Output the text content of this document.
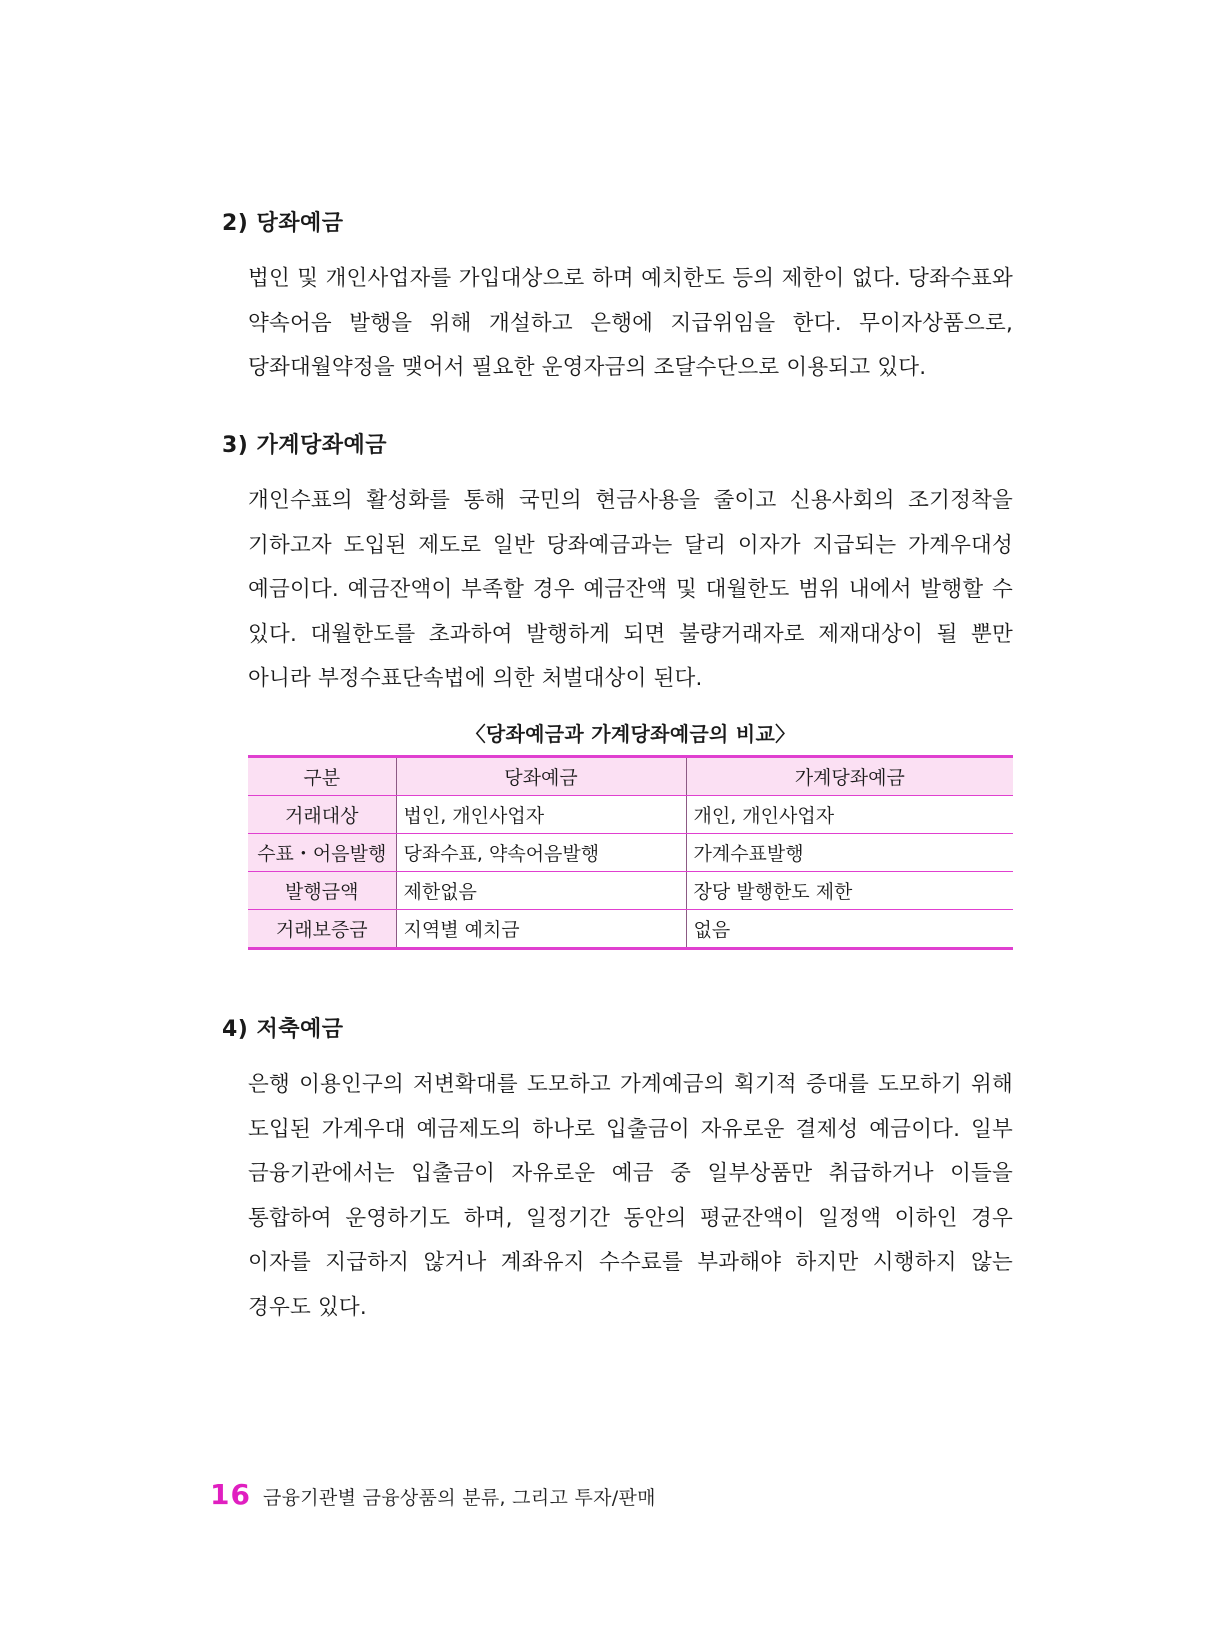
2) 당좌예금

법인 및 개인사업자를 가입대상으로 하며 예치한도 등의 제한이 없다. 당좌수표와 약속어음 발행을 위해 개설하고 은행에 지급위임을 한다. 무이자상품으로, 당좌대월약정을 맺어서 필요한 운영자금의 조달수단으로 이용되고 있다.

3) 가계당좌예금

개인수표의 활성화를 통해 국민의 현금사용을 줄이고 신용사회의 조기정착을 기하고자 도입된 제도로 일반 당좌예금과는 달리 이자가 지급되는 가계우대성 예금이다. 예금잔액이 부족할 경우 예금잔액 및 대월한도 범위 내에서 발행할 수 있다. 대월한도를 초과하여 발행하게 되면 불량거래자로 제재대상이 될 뿐만 아니라 부정수표단속법에 의한 처벌대상이 된다.

〈당좌예금과 가계당좌예금의 비교〉
구분	당좌예금	가계당좌예금
거래대상	법인, 개인사업자	개인, 개인사업자
수표・어음발행	당좌수표, 약속어음발행	가계수표발행
발행금액	제한없음	장당 발행한도 제한
거래보증금	지역별 예치금	없음
4) 저축예금

은행 이용인구의 저변확대를 도모하고 가계예금의 획기적 증대를 도모하기 위해 도입된 가계우대 예금제도의 하나로 입출금이 자유로운 결제성 예금이다. 일부 금융기관에서는 입출금이 자유로운 예금 중 일부상품만 취급하거나 이들을 통합하여 운영하기도 하며, 일정기간 동안의 평균잔액이 일정액 이하인 경우 이자를 지급하지 않거나 계좌유지 수수료를 부과해야 하지만 시행하지 않는 경우도 있다.

16 금융기관별 금융상품의 분류, 그리고 투자/판매
